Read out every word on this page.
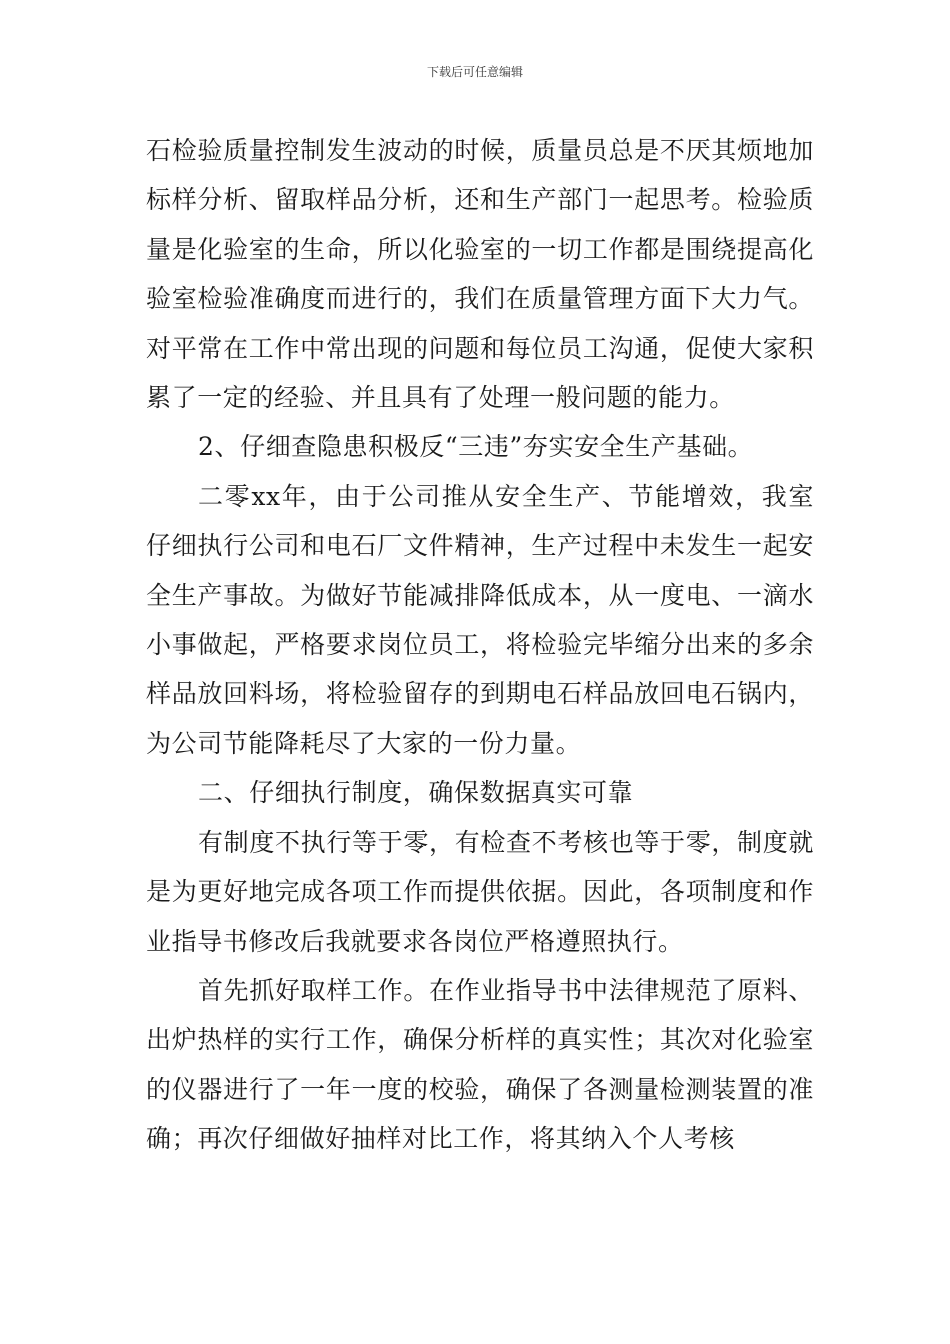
下载后可任意编辑

石检验质量控制发生波动的时候，质量员总是不厌其烦地加标样分析、留取样品分析，还和生产部门一起思考。检验质量是化验室的生命，所以化验室的一切工作都是围绕提高化验室检验准确度而进行的，我们在质量管理方面下大力气。对平常在工作中常出现的问题和每位员工沟通，促使大家积累了一定的经验、并且具有了处理一般问题的能力。

2、仔细查隐患积极反“三违”夯实安全生产基础。

二零xx年，由于公司推从安全生产、节能增效，我室仔细执行公司和电石厂文件精神，生产过程中未发生一起安全生产事故。为做好节能减排降低成本，从一度电、一滴水小事做起，严格要求岗位员工，将检验完毕缩分出来的多余样品放回料场，将检验留存的到期电石样品放回电石锅内，为公司节能降耗尽了大家的一份力量。

二、仔细执行制度，确保数据真实可靠

有制度不执行等于零，有检查不考核也等于零，制度就是为更好地完成各项工作而提供依据。因此，各项制度和作业指导书修改后我就要求各岗位严格遵照执行。

首先抓好取样工作。在作业指导书中法律规范了原料、出炉热样的实行工作，确保分析样的真实性；其次对化验室的仪器进行了一年一度的校验，确保了各测量检测装置的准确；再次仔细做好抽样对比工作，将其纳入个人考核
